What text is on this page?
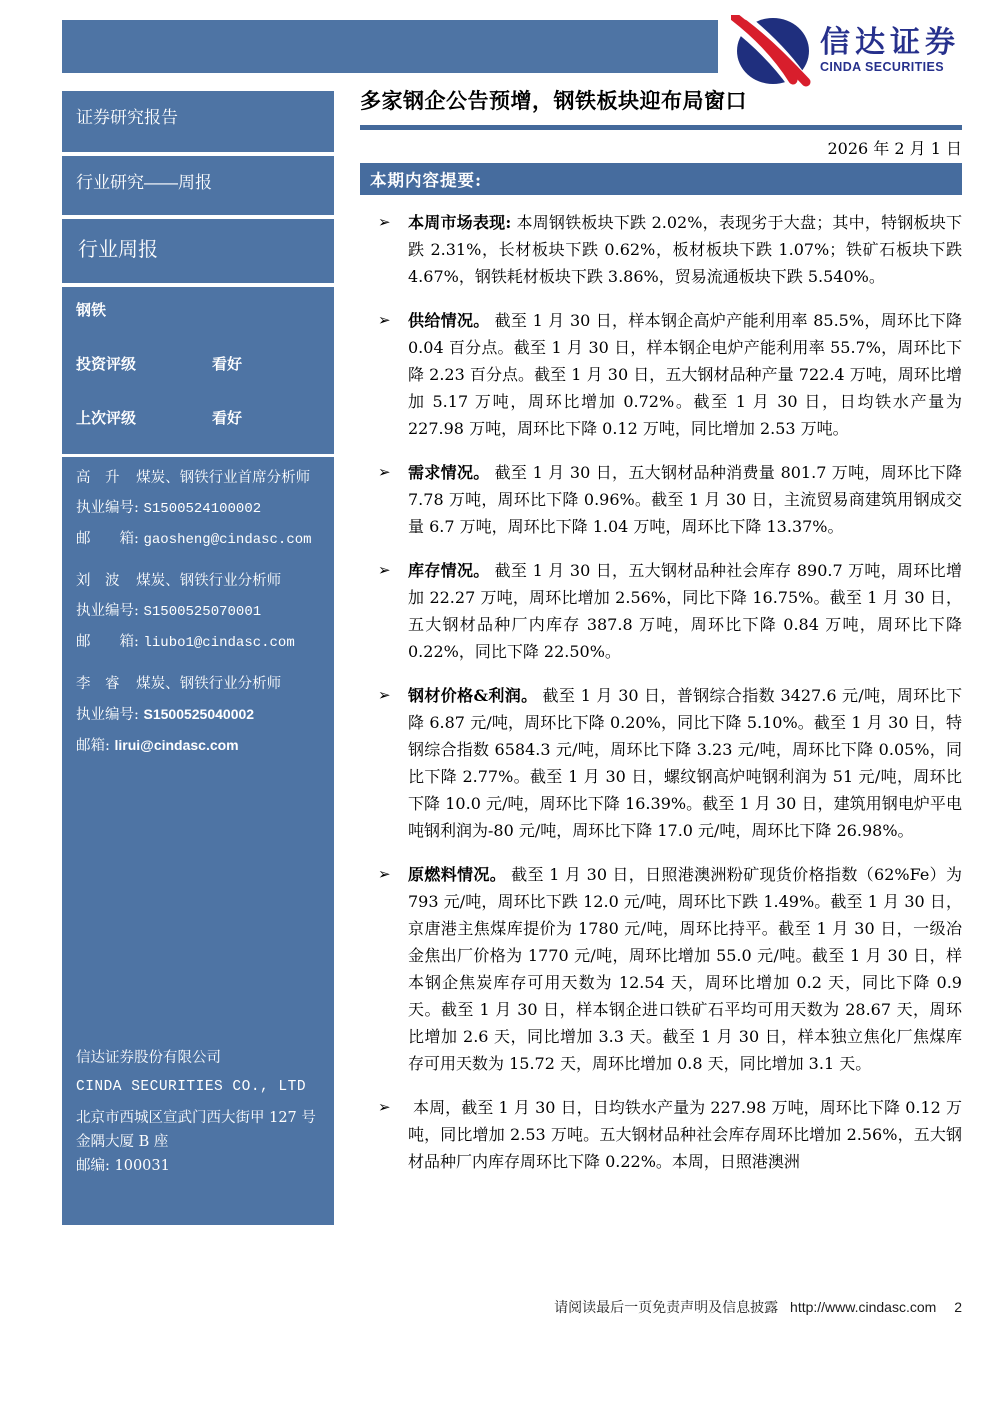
信达证券
CINDA SECURITIES
证券研究报告
行业研究——周报
行业周报
钢铁
投资评级	看好
上次评级	看好
高　升 煤炭、钢铁行业首席分析师
执业编号: S1500524100002
邮　　箱: gaosheng@cindasc.com
刘　波 煤炭、钢铁行业分析师
执业编号: S1500525070001
邮　　箱: liubo1@cindasc.com
李　睿 煤炭、钢铁行业分析师
执业编号: S1500525040002
邮箱: lirui@cindasc.com
信达证券股份有限公司
CINDA SECURITIES CO., LTD
北京市西城区宣武门西大街甲 127 号金隅大厦 B 座
邮编: 100031
多家钢企公告预增，钢铁板块迎布局窗口
2026 年 2 月 1 日
本期内容提要:
➢	本周市场表现: 本周钢铁板块下跌 2.02%，表现劣于大盘；其中，特钢板块下跌 2.31%，长材板块下跌 0.62%，板材板块下跌 1.07%；铁矿石板块下跌 4.67%，钢铁耗材板块下跌 3.86%，贸易流通板块下跌 5.540%。

➢	供给情况。 截至 1 月 30 日，样本钢企高炉产能利用率 85.5%，周环比下降 0.04 百分点。截至 1 月 30 日，样本钢企电炉产能利用率 55.7%，周环比下降 2.23 百分点。截至 1 月 30 日，五大钢材品种产量 722.4 万吨，周环比增加 5.17 万吨，周环比增加 0.72%。截至 1 月 30 日，日均铁水产量为 227.98 万吨，周环比下降 0.12 万吨，同比增加 2.53 万吨。

➢	需求情况。 截至 1 月 30 日，五大钢材品种消费量 801.7 万吨，周环比下降 7.78 万吨，周环比下降 0.96%。截至 1 月 30 日，主流贸易商建筑用钢成交量 6.7 万吨，周环比下降 1.04 万吨，周环比下降 13.37%。

➢	库存情况。 截至 1 月 30 日，五大钢材品种社会库存 890.7 万吨，周环比增加 22.27 万吨，周环比增加 2.56%，同比下降 16.75%。截至 1 月 30 日，五大钢材品种厂内库存 387.8 万吨，周环比下降 0.84 万吨，周环比下降 0.22%，同比下降 22.50%。

➢	钢材价格&利润。 截至 1 月 30 日，普钢综合指数 3427.6 元/吨，周环比下降 6.87 元/吨，周环比下降 0.20%，同比下降 5.10%。截至 1 月 30 日，特钢综合指数 6584.3 元/吨，周环比下降 3.23 元/吨，周环比下降 0.05%，同比下降 2.77%。截至 1 月 30 日，螺纹钢高炉吨钢利润为 51 元/吨，周环比下降 10.0 元/吨，周环比下降 16.39%。截至 1 月 30 日，建筑用钢电炉平电吨钢利润为-80 元/吨，周环比下降 17.0 元/吨，周环比下降 26.98%。

➢	原燃料情况。 截至 1 月 30 日，日照港澳洲粉矿现货价格指数（62%Fe）为 793 元/吨，周环比下跌 12.0 元/吨，周环比下跌 1.49%。截至 1 月 30 日，京唐港主焦煤库提价为 1780 元/吨，周环比持平。截至 1 月 30 日，一级冶金焦出厂价格为 1770 元/吨，周环比增加 55.0 元/吨。截至 1 月 30 日，样本钢企焦炭库存可用天数为 12.54 天，周环比增加 0.2 天，同比下降 0.9 天。截至 1 月 30 日，样本钢企进口铁矿石平均可用天数为 28.67 天，周环比增加 2.6 天，同比增加 3.3 天。截至 1 月 30 日，样本独立焦化厂焦煤库存可用天数为 15.72 天，周环比增加 0.8 天，同比增加 3.1 天。

➢	本周，截至 1 月 30 日，日均铁水产量为 227.98 万吨，周环比下降 0.12 万吨，同比增加 2.53 万吨。五大钢材品种社会库存周环比增加 2.56%，五大钢材品种厂内库存周环比下降 0.22%。本周，日照港澳洲

请阅读最后一页免责声明及信息披露 http://www.cindasc.com 2
